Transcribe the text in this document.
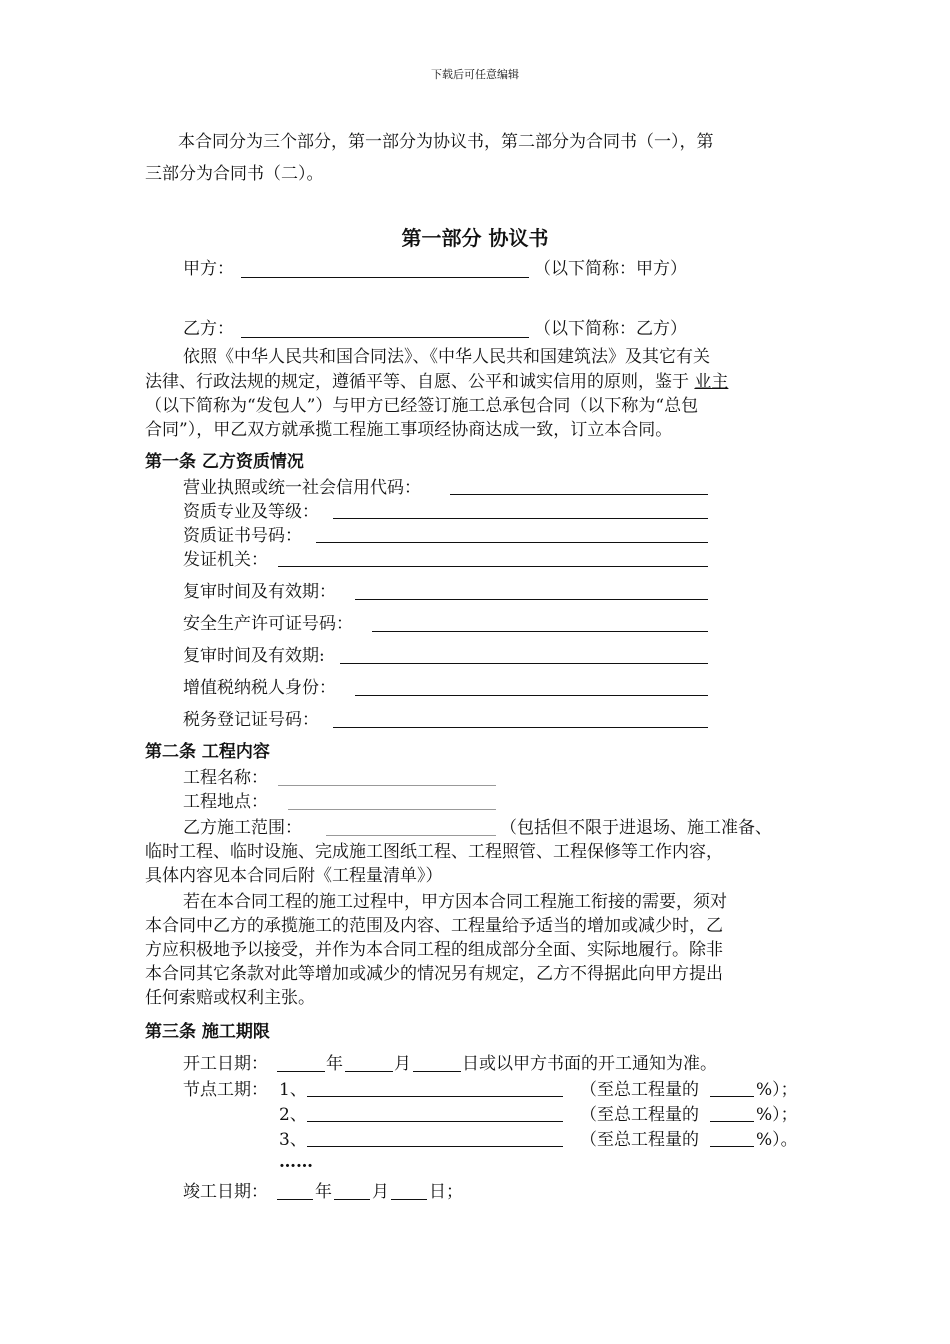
下载后可任意编辑
本合同分为三个部分，第一部分为协议书，第二部分为合同书（一），第
三部分为合同书（二）。
第一部分 协议书
甲方：	（以下简称：甲方）
乙方：	（以下简称：乙方）
依照《中华人民共和国合同法》、《中华人民共和国建筑法》及其它有关
法律、行政法规的规定，遵循平等、自愿、公平和诚实信用的原则，鉴于 业主
（以下简称为“发包人”）与甲方已经签订施工总承包合同（以下称为“总包
合同”），甲乙双方就承揽工程施工事项经协商达成一致，订立本合同。
第一条 乙方资质情况
营业执照或统一社会信用代码：
资质专业及等级：
资质证书号码：
发证机关：
复审时间及有效期：
安全生产许可证号码：
复审时间及有效期:
增值税纳税人身份：
税务登记证号码：
第二条 工程内容
工程名称：
工程地点：
乙方施工范围：	（包括但不限于进退场、施工准备、
临时工程、临时设施、完成施工图纸工程、工程照管、工程保修等工作内容，
具体内容见本合同后附《工程量清单》）
若在本合同工程的施工过程中，甲方因本合同工程施工衔接的需要，须对
本合同中乙方的承揽施工的范围及内容、工程量给予适当的增加或减少时，乙
方应积极地予以接受，并作为本合同工程的组成部分全面、实际地履行。除非
本合同其它条款对此等增加或减少的情况另有规定，乙方不得据此向甲方提出
任何索赔或权利主张。
第三条 施工期限
开工日期：	年	月	日或以甲方书面的开工通知为准。
节点工期： 1、	（至总工程量的	%）；
2、	（至总工程量的	%）；
3、	（至总工程量的	%）。
……
竣工日期：	年 月 日；
